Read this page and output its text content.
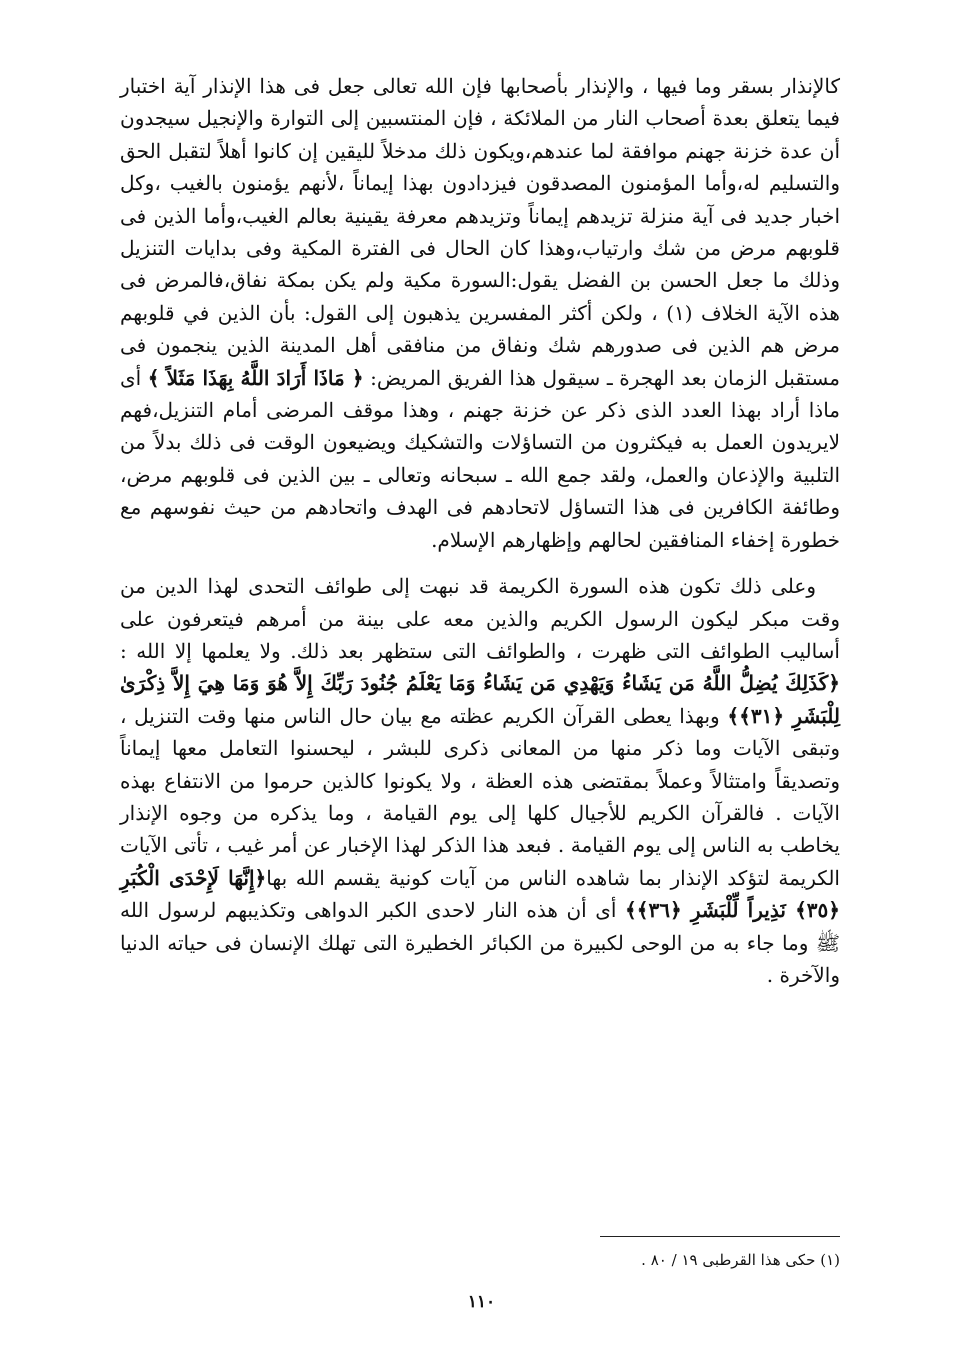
كالإنذار بسقر وما فيها ، والإنذار بأصحابها فإن الله تعالى جعل فى هذا الإنذار آية اختبار فيما يتعلق بعدة أصحاب النار من الملائكة ، فإن المنتسبين إلى التوارة والإنجيل سيجدون أن عدة خزنة جهنم موافقة لما عندهم،ويكون ذلك مدخلاً لليقين إن كانوا أهلاً لتقبل الحق والتسليم له،وأما المؤمنون المصدقون فيزدادون بهذا إيماناً ،لأنهم يؤمنون بالغيب ،وكل اخبار جديد فى آية منزلة تزيدهم إيماناً وتزيدهم معرفة يقينية بعالم الغيب،وأما الذين فى قلوبهم مرض من شك وارتياب،وهذا كان الحال فى الفترة المكية وفى بدايات التنزيل وذلك ما جعل الحسن بن الفضل يقول:السورة مكية ولم يكن بمكة نفاق،فالمرض فى هذه الآية الخلاف (١) ، ولكن أكثر المفسرين يذهبون إلى القول: بأن الذين في قلوبهم مرض هم الذين فى صدورهم شك ونفاق من منافقى أهل المدينة الذين ينجمون فى مستقبل الزمان بعد الهجرة ـ سيقول هذا الفريق المريض: ﴿ مَاذَا أَرَادَ اللَّهُ بِهَذَا مَثَلاً ﴾ أى ماذا أراد بهذا العدد الذى ذكر عن خزنة جهنم ، وهذا موقف المرضى أمام التنزيل،فهم لايريدون العمل به فيكثرون من التساؤلات والتشكيك ويضيعون الوقت فى ذلك بدلاً من التلبية والإذعان والعمل، ولقد جمع الله ـ سبحانه وتعالى ـ بين الذين فى قلوبهم مرض، وطائفة الكافرين فى هذا التساؤل لاتحادهم فى الهدف واتحادهم من حيث نفوسهم مع خطورة إخفاء المنافقين لحالهم وإظهارهم الإسلام.

وعلى ذلك تكون هذه السورة الكريمة قد نبهت إلى طوائف التحدى لهذا الدين من وقت مبكر ليكون الرسول الكريم والذين معه على بينة من أمرهم فيتعرفون على أساليب الطوائف التى ظهرت ، والطوائف التى ستظهر بعد ذلك. ولا يعلمها إلا الله : ﴿كَذَلِكَ يُضِلُّ اللَّهُ مَن يَشَاءُ وَيَهْدِي مَن يَشَاءُ وَمَا يَعْلَمُ جُنُودَ رَبِّكَ إِلاَّ هُوَ وَمَا هِيَ إِلاَّ ذِكْرَىٰ لِلْبَشَرِ ﴿٣١﴾﴾ وبهذا يعطى القرآن الكريم عظته مع بيان حال الناس منها وقت التنزيل ، وتبقى الآيات وما ذكر منها من المعانى ذكرى للبشر ، ليحسنوا التعامل معها إيماناً وتصديقاً وامتثالاً وعملاً بمقتضى هذه العظة ، ولا يكونوا كالذين حرموا من الانتفاع بهذه الآيات . فالقرآن الكريم للأجيال كلها إلى يوم القيامة ، وما يذكره من وجوه الإنذار يخاطب به الناس إلى يوم القيامة . فبعد هذا الذكر لهذا الإخبار عن أمر غيب ، تأتى الآيات الكريمة لتؤكد الإنذار بما شاهده الناس من آيات كونية يقسم الله بها﴿إِنَّهَا لَإِحْدَى الْكُبَرِ ﴿٣٥﴾ نَذِيراً لِّلْبَشَرِ ﴿٣٦﴾﴾ أى أن هذه النار لاحدى الكبر الدواهى وتكذيبهم لرسول الله ﷺ وما جاء به من الوحى لكبيرة من الكبائر الخطيرة التى تهلك الإنسان فى حياته الدنيا والآخرة .

(١) حكى هذا القرطبى ١٩ / ٨٠ .
١١٠
